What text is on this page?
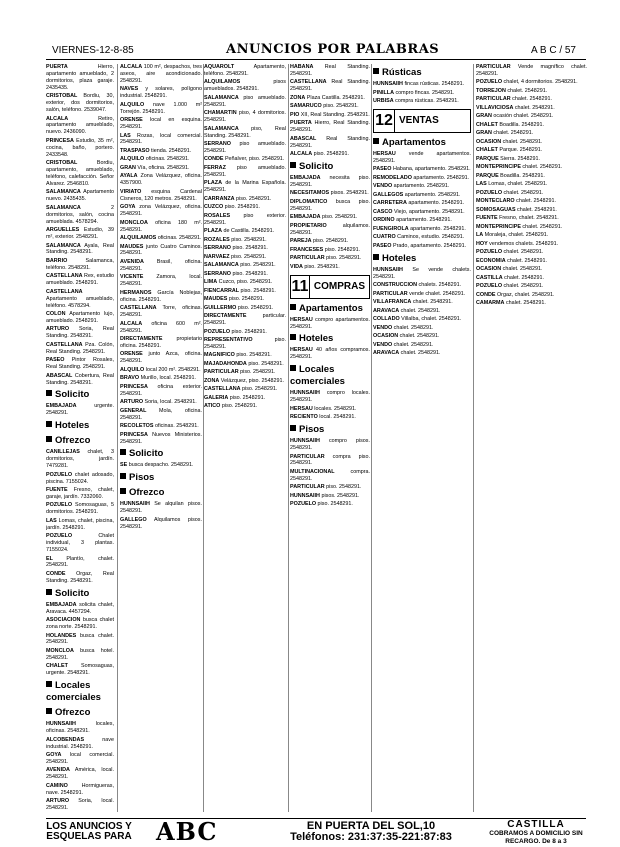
VIERNES-12-8-85	ANUNCIOS POR PALABRAS	A B C / 57
PUERTA Hierro, apartamento amueblado, 2 dormitorios, plaza garaje. 2435435.
CRISTOBAL Bordiu, 30, exterior, dos dormitorios, salón, teléfono. 2539047.
ALCALA Retiro, apartamento amueblado, nuevo. 2436090.
PRINCESA Estudio, 35 m², cocina, baño, portero. 2433548.
CRISTOBAL Bordiu, apartamento, amueblado, teléfono, calefacción. Señor Alvarez. 2546810.
SALAMANCA Apartamento nuevo. 2435435.
SALAMANCA 2 dormitorios, salón, cocina amueblada. 4578294.
ARGUELLES Estudio, 39 m², exterior. 2548291.
SALAMANCA Ayala, Real Standing. 2548291.
BARRIO Salamanca, teléfono. 2548291.
CASTELLANA Rex, estudio amueblado. 2548291.
CASTELLANA Apartamento amueblado, teléfono. 4578294.
COLON Apartamento lujo, amueblado. 2548291.
ARTURO Soria, Real Standing. 2548291.
CASTELLANA Pza. Colón, Real Standing. 2548291.
PASEO Pintor Rosales, Real Standing. 2548291.
ABASCAL Cobertura, Real Standing. 2548291.
Solicito
EMBAJADA urgente. 2548291.
Hoteles
Ofrezco
CANILLEJAS chalet, 3 dormitorios, jardín. 7479281.
POZUELO chalet adosado, piscina. 7155024.
FUENTE Fresno, chalet, garaje, jardín. 7332060.
POZUELO Somosaguas, 5 dormitorios. 2548291.
LAS Lomas, chalet, piscina, jardín. 2548291.
POZUELO Chalet individual, 3 plantas. 7155024.
EL Plantío, chalet. 2548291.
CONDE Orgaz, Real Standing. 2548291.
Solicito
EMBAJADA solicita chalet, Aravaca. 4457294.
ASOCIACION busca chalet zona norte. 2548291.
HOLANDES busca chalet. 2548291.
MONCLOA busca hotel. 2548291.
CHALET Somosaguas, urgente. 2548291.
Locales comerciales
Ofrezco
HUNNSAIIH locales, oficinas. 2548291.
ALCOBENDAS nave industrial. 2548291.
GOYA local comercial. 2548291.
AVENIDA América, local. 2548291.
CAMINO Hormigueras, nave. 2548291.
ARTURO Soria, local. 2548291.
ALCALA 100 m², despachos, tres aseos, aire acondicionado. 2548291.
NAVES y solares, polígono industrial. 2548291.
ALQUILO nave 1.000 m² Torrejón. 2548291.
ORENSE local en esquina. 2548291.
LAS Rozas, local comercial. 2548291.
TRASPASO tienda. 2548291.
ALQUILO oficinas. 2548291.
GRAN Vía, oficina. 2548291.
AYALA Zona Velázquez, oficina. 4357900.
VIRIATO esquina Cardenal Cisneros, 120 metros. 2548291.
GOYA zona Velázquez, oficina. 2548291.
MONCLOA oficina 180 m². 2548291.
ALQUILAMOS oficinas. 2548291.
MAUDES junto Cuatro Caminos. 2548291.
AVENIDA Brasil, oficina. 2548291.
VICENTE Zamora, local. 2548291.
HERMANOS García Noblejas, oficina. 2548291.
CASTELLANA Torre, oficinas. 2548291.
ALCALA oficina 600 m². 2548291.
DIRECTAMENTE propietario oficina. 2548291.
ORENSE junto Azca, oficina. 2548291.
ALQUILO local 200 m². 2548291.
BRAVO Murillo, local. 2548291.
PRINCESA oficina exterior. 2548291.
ARTURO Soria, local. 2548291.
GENERAL Mola, oficina. 2548291.
RECOLETOS oficinas. 2548291.
PRINCESA Nuevos Ministerios. 2548291.
Solicito
SE busca despacho. 2548291.
Pisos
Ofrezco
HUNNSAIIH Se alquilan pisos. 2548291.
GALLEGO Alquilamos pisos. 2548291.
AQUAROLT Apartamento, teléfono. 2548291.
ALQUILAMOS pisos amueblados. 2548291.
SALAMANCA piso amueblado. 2548291.
CHAMARTIN piso, 4 dormitorios. 2548291.
SALAMANCA piso, Real Standing. 2548291.
SERRANO piso amueblado. 2548291.
CONDE Peñalver, piso. 2548291.
FERRAZ piso amueblado. 2548291.
PLAZA de la Marina Española. 2548291.
CARRANZA piso. 2548291.
CUZCO piso. 2548291.
ROSALES piso exterior. 2548291.
PLAZA de Castilla. 2548291.
ROZALES piso. 2548291.
SERRANO piso. 2548291.
NARVAEZ piso. 2548291.
SALAMANCA piso. 2548291.
SERRANO piso. 2548291.
LIMA Cuzco, piso. 2548291.
FIENCARRAL piso. 2548291.
MAUDES piso. 2548291.
GUILLERMO piso. 2548291.
DIRECTAMENTE particular. 2548291.
POZUELO piso. 2548291.
REPRESENTATIVO piso. 2548291.
MAGNIFICO piso. 2548291.
MAJADAHONDA piso. 2548291.
PARTICULAR piso. 2548291.
ZONA Velázquez, piso. 2548291.
CASTELLANA piso. 2548291.
GALERIA piso. 2548291.
ATICO piso. 2548291.
HABANA Real Standing. 2548291.
CASTELLANA Real Standing. 2548291.
ZONA Plaza Castilla. 2548291.
SAMARUCO piso. 2548291.
PIO XII, Real Standing. 2548291.
PUERTA Hierro, Real Standing. 2548291.
ABASCAL Real Standing. 2548291.
ALCALA piso. 2548291.
Solicito
EMBAJADA necesita piso. 2548291.
NECESITAMOS pisos. 2548291.
DIPLOMATICO busca piso. 2548291.
EMBAJADA piso. 2548291.
PROPIETARIO alquilamos. 2548291.
PAREJA piso. 2548291.
FRANCESES piso. 2548291.
PARTICULAR piso. 2548291.
VIDA piso. 2548291.
11 COMPRAS
Apartamentos
HERSAU compro apartamentos. 2548291.
Hoteles
HERSAU 40 años compramos. 2548291.
Locales comerciales
HUNNSAIIH compro locales. 2548291.
HERSAU locales. 2548291.
RECIENTO local. 2548291.
Pisos
HUNNSAIIH compro pisos. 2548291.
PARTICULAR compra piso. 2548291.
MULTINACIONAL compra. 2548291.
PARTICULAR piso. 2548291.
HUNNSAIIH pisos. 2548291.
POZUELO piso. 2548291.
Rústicas
HUNNSAIIH fincas rústicas. 2548291.
PINILLA compro fincas. 2548291.
URBISA compra rústicas. 2548291.
12 VENTAS
Apartamentos
HERSAU vende apartamentos. 2548291.
PASEO Habana, apartamento. 2548291.
REMODELADO apartamento. 2548291.
VENDO apartamento. 2548291.
GALLEGOS apartamento. 2548291.
CARRETERA apartamento. 2548291.
CASCO Viejo, apartamento. 2548291.
ORDINO apartamento. 2548291.
FUENGIROLA apartamento. 2548291.
CUATRO Caminos, estudio. 2548291.
PASEO Prado, apartamento. 2548291.
Hoteles
HUNNSAIIH Se vende chalets. 2548291.
CONSTRUCCION chalets. 2548291.
PARTICULAR vende chalet. 2548291.
VILLAFRANCA chalet. 2548291.
ARAVACA chalet. 2548291.
COLLADO Villalba, chalet. 2548291.
VENDO chalet. 2548291.
OCASION chalet. 2548291.
VENDO chalet. 2548291.
ARAVACA chalet. 2548291.
PARTICULAR Vende magnífico chalet. 2548291.
POZUELO chalet, 4 dormitorios. 2548291.
TORREJON chalet. 2548291.
PARTICULAR chalet. 2548291.
VILLAVICIOSA chalet. 2548291.
GRAN ocasión chalet. 2548291.
CHALET Boadilla. 2548291.
GRAN chalet. 2548291.
OCASION chalet. 2548291.
CHALET Parque. 2548291.
PARQUE Sierra. 2548291.
MONTEPRINCIPE chalet. 2548291.
PARQUE Boadilla. 2548291.
LAS Lomas, chalet. 2548291.
POZUELO chalet. 2548291.
MONTECLARO chalet. 2548291.
SOMOSAGUAS chalet. 2548291.
FUENTE Fresno, chalet. 2548291.
MONTEPRINCIPE chalet. 2548291.
LA Moraleja, chalet. 2548291.
HOY vendemos chalets. 2548291.
POZUELO chalet. 2548291.
ECONOMIA chalet. 2548291.
OCASION chalet. 2548291.
CASTILLA chalet. 2548291.
POZUELO chalet. 2548291.
CONDE Orgaz, chalet. 2548291.
CAMARMA chalet. 2548291.
LOS ANUNCIOS Y ESQUELAS PARA ABC	EN PUERTA DEL SOL,10
Teléfonos: 231:37:35-221:87:83
CASTILLA
COBRAMOS A DOMICILIO SIN RECARGO. De 8 a 3
